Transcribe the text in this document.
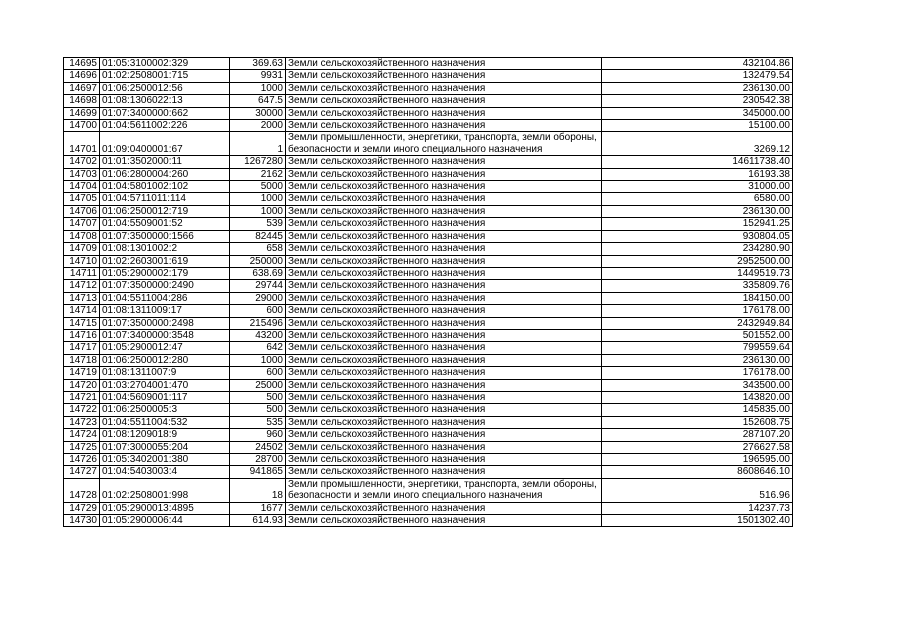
14695	01:05:3100002:329	369.63	Земли сельскохозяйственного назначения	432104.86
14696	01:02:2508001:715	9931	Земли сельскохозяйственного назначения	132479.54
14697	01:06:2500012:56	1000	Земли сельскохозяйственного назначения	236130.00
14698	01:08:1306022:13	647.5	Земли сельскохозяйственного назначения	230542.38
14699	01:07:3400000:662	30000	Земли сельскохозяйственного назначения	345000.00
14700	01:04:5611002:226	2000	Земли сельскохозяйственного назначения	15100.00
14701	01:09:0400001:67	1	Земли промышленности, энергетики, транспорта, земли обороны, безопасности и земли иного специального назначения	3269.12
14702	01:01:3502000:11	1267280	Земли сельскохозяйственного назначения	14611738.40
14703	01:06:2800004:260	2162	Земли сельскохозяйственного назначения	16193.38
14704	01:04:5801002:102	5000	Земли сельскохозяйственного назначения	31000.00
14705	01:04:5711011:114	1000	Земли сельскохозяйственного назначения	6580.00
14706	01:06:2500012:719	1000	Земли сельскохозяйственного назначения	236130.00
14707	01:04:5509001:52	539	Земли сельскохозяйственного назначения	152941.25
14708	01:07:3500000:1566	82445	Земли сельскохозяйственного назначения	930804.05
14709	01:08:1301002:2	658	Земли сельскохозяйственного назначения	234280.90
14710	01:02:2603001:619	250000	Земли сельскохозяйственного назначения	2952500.00
14711	01:05:2900002:179	638.69	Земли сельскохозяйственного назначения	1449519.73
14712	01:07:3500000:2490	29744	Земли сельскохозяйственного назначения	335809.76
14713	01:04:5511004:286	29000	Земли сельскохозяйственного назначения	184150.00
14714	01:08:1311009:17	600	Земли сельскохозяйственного назначения	176178.00
14715	01:07:3500000:2498	215496	Земли сельскохозяйственного назначения	2432949.84
14716	01:07:3400000:3548	43200	Земли сельскохозяйственного назначения	501552.00
14717	01:05:2900012:47	642	Земли сельскохозяйственного назначения	799559.64
14718	01:06:2500012:280	1000	Земли сельскохозяйственного назначения	236130.00
14719	01:08:1311007:9	600	Земли сельскохозяйственного назначения	176178.00
14720	01:03:2704001:470	25000	Земли сельскохозяйственного назначения	343500.00
14721	01:04:5609001:117	500	Земли сельскохозяйственного назначения	143820.00
14722	01:06:2500005:3	500	Земли сельскохозяйственного назначения	145835.00
14723	01:04:5511004:532	535	Земли сельскохозяйственного назначения	152608.75
14724	01:08:1209018:9	960	Земли сельскохозяйственного назначения	287107.20
14725	01:07:3000055:204	24502	Земли сельскохозяйственного назначения	276627.58
14726	01:05:3402001:380	28700	Земли сельскохозяйственного назначения	196595.00
14727	01:04:5403003:4	941865	Земли сельскохозяйственного назначения	8608646.10
14728	01:02:2508001:998	18	Земли промышленности, энергетики, транспорта, земли обороны, безопасности и земли иного специального назначения	516.96
14729	01:05:2900013:4895	1677	Земли сельскохозяйственного назначения	14237.73
14730	01:05:2900006:44	614.93	Земли сельскохозяйственного назначения	1501302.40
